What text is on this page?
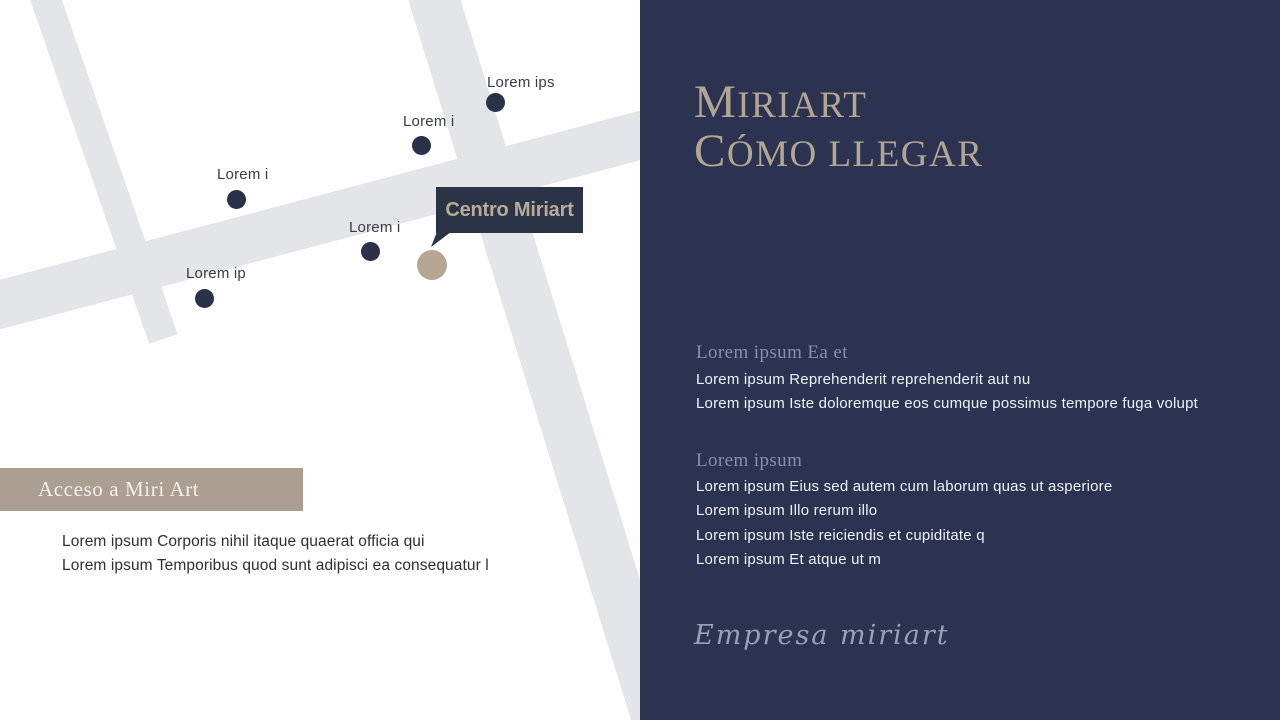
Lorem ips
Lorem i
Lorem i
Lorem i
Lorem ip
Centro Miriart
Acceso a Miri Art
Lorem ipsum Corporis nihil itaque quaerat officia qui
Lorem ipsum Temporibus quod sunt adipisci ea consequatur l
MIRIART
CÓMO LLEGAR
Lorem ipsum Ea et
Lorem ipsum Reprehenderit reprehenderit aut nu
Lorem ipsum Iste doloremque eos cumque possimus tempore fuga volupt
Lorem ipsum
Lorem ipsum Eius sed autem cum laborum quas ut asperiore
Lorem ipsum Illo rerum illo
Lorem ipsum Iste reiciendis et cupiditate q
Lorem ipsum Et atque ut m
Empresa miriart
